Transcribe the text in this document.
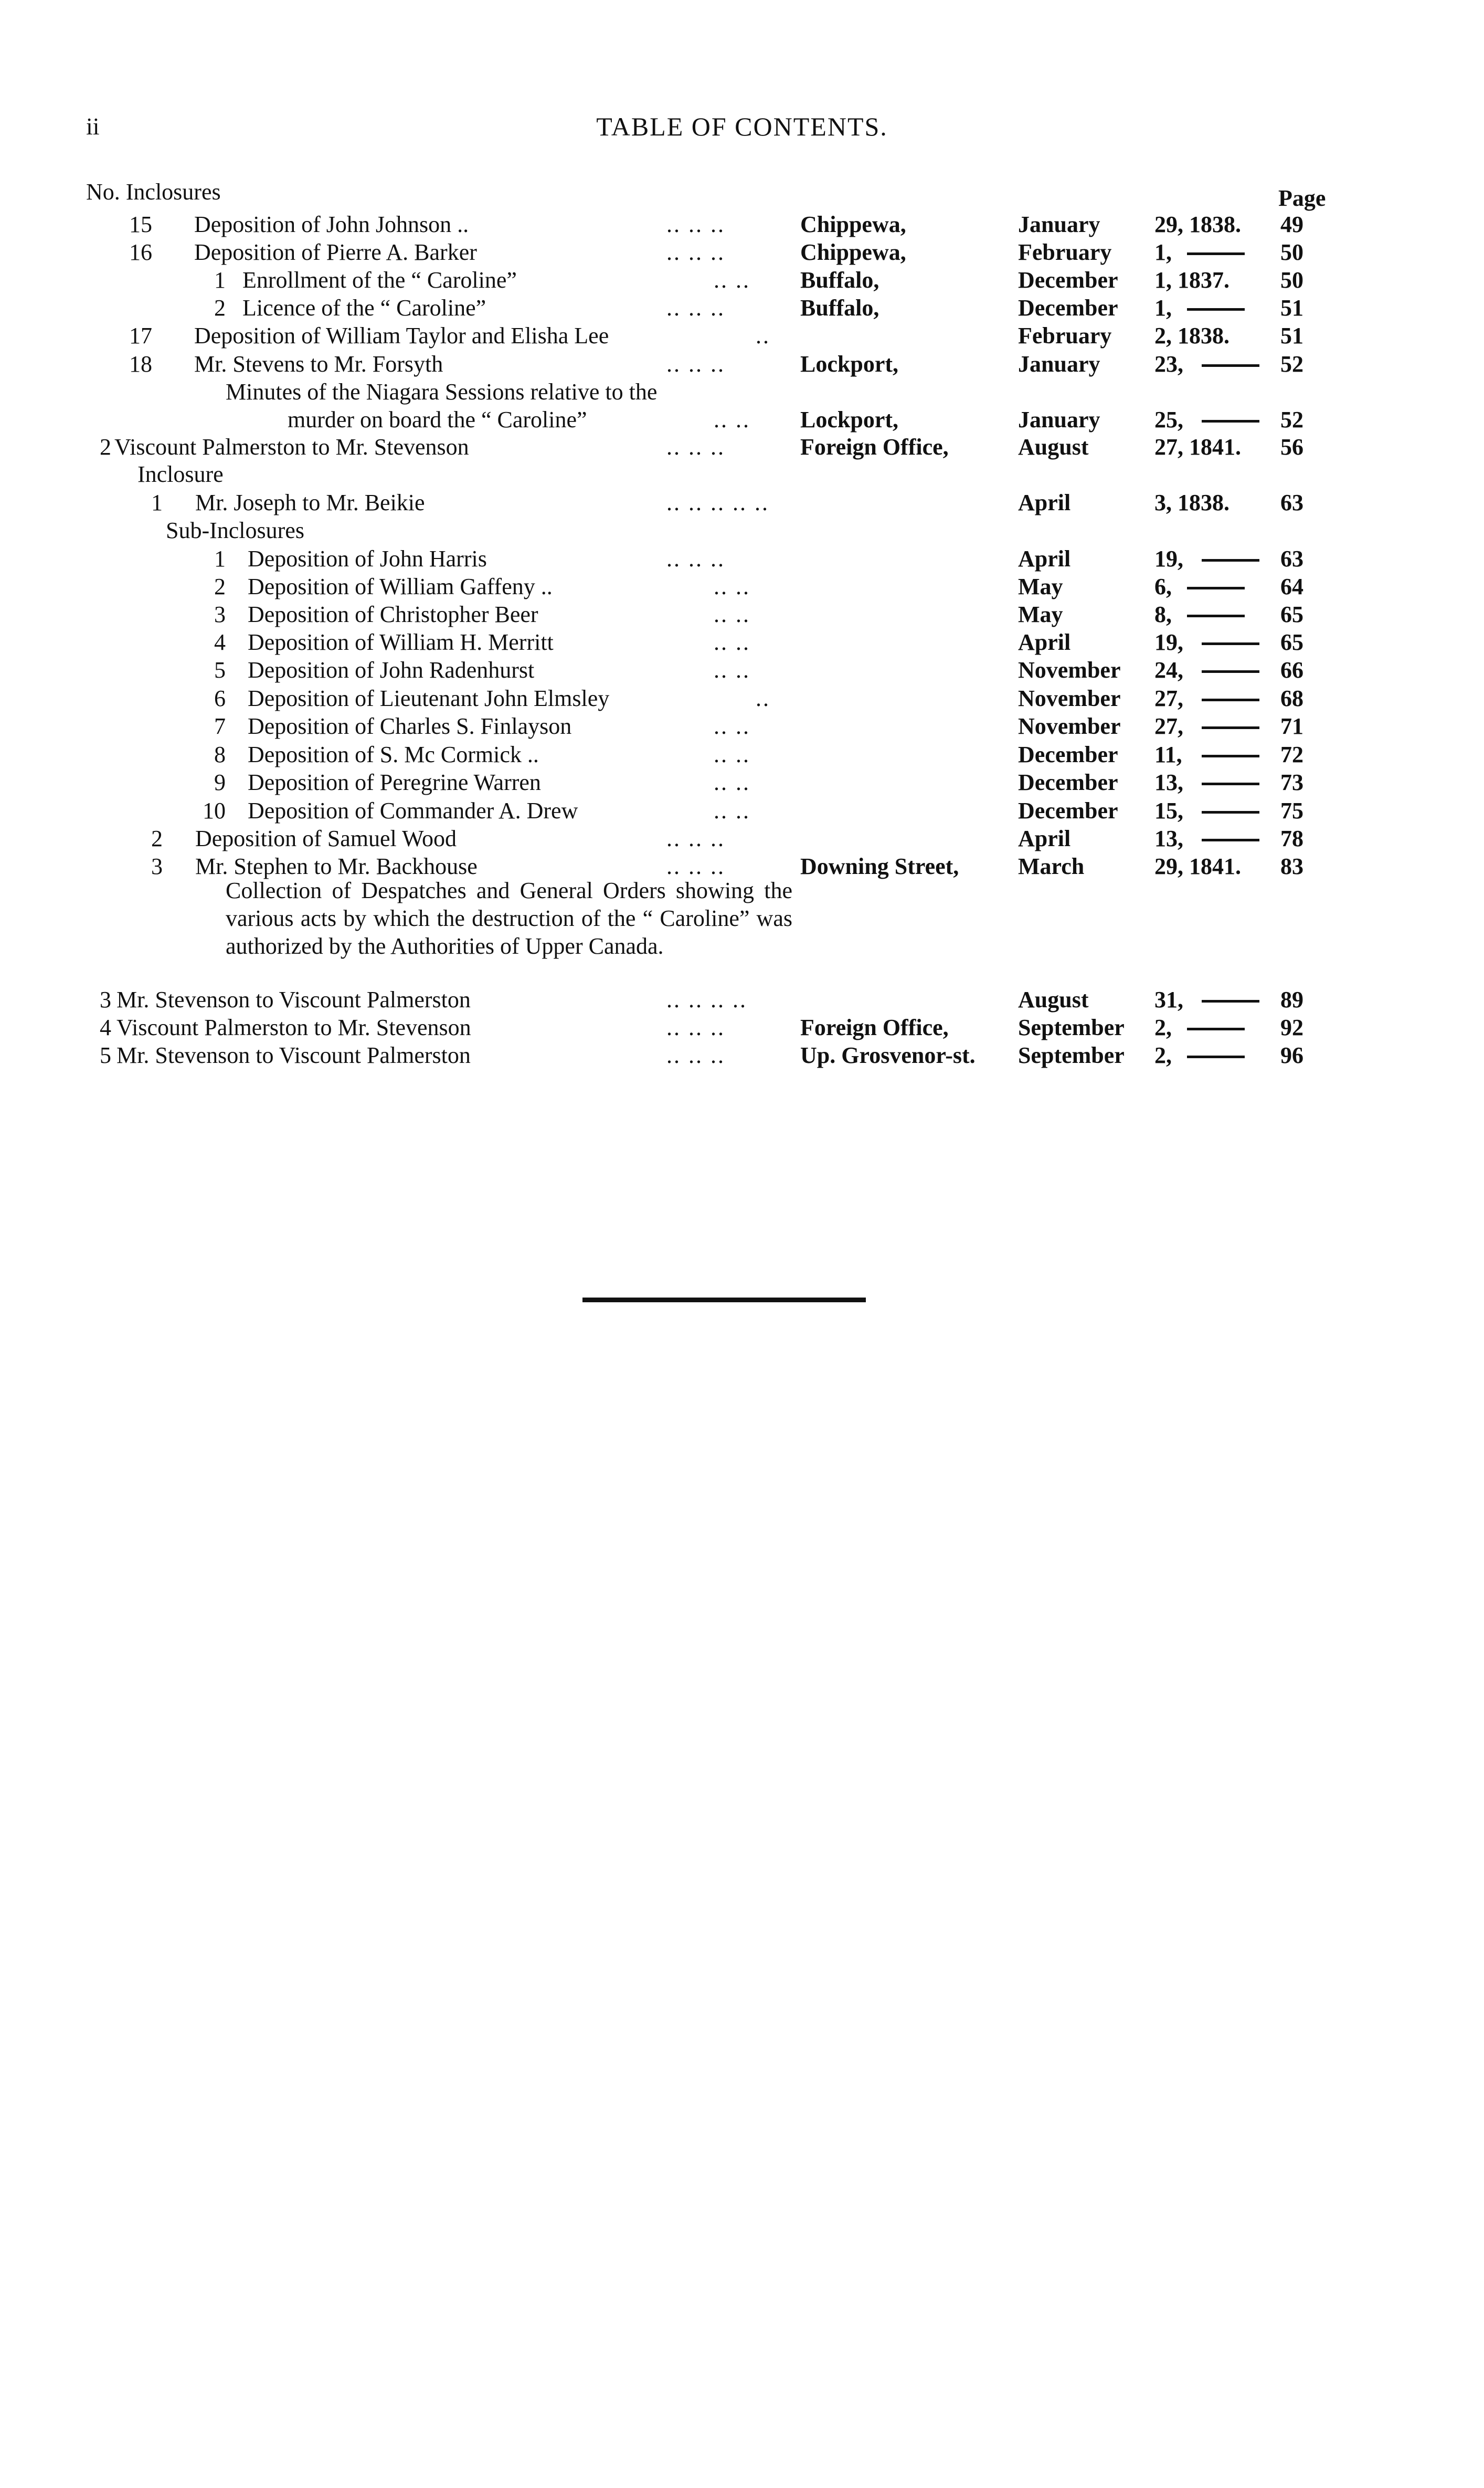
ii	TABLE OF CONTENTS.
No. Inclosures	Page
15 Deposition of John Johnson ..	.. .. ..	Chippewa,	January 29, 1838. 49
16 Deposition of Pierre A. Barker	.. .. ..	Chippewa,	February 1,	50
1 Enrollment of the “ Caroline”	.. .. Buffalo,	December 1, 1837. 50
2 Licence of the “ Caroline”	.. .. ..	Buffalo,	December 1,	51
17 Deposition of William Taylor and Elisha Lee	..	February 2, 1838. 51
18 Mr. Stevens to Mr. Forsyth	.. .. ..	Lockport,	January 23,	52
Minutes of the Niagara Sessions relative to the
murder on board the “ Caroline”	.. .. Lockport,	January 25,	52
2 Viscount Palmerston to Mr. Stevenson	.. .. ..	Foreign Office,	August	27, 1841. 56
Inclosure
1 Mr. Joseph to Mr. Beikie	.. .. .. .. ..	April	3, 1838. 63
Sub-Inclosures
1 Deposition of John Harris	.. .. ..	April	19,	63
2 Deposition of William Gaffeny ..	.. ..	May	6,	64
3 Deposition of Christopher Beer	.. ..	May	8,	65
4 Deposition of William H. Merritt	.. ..	April	19,	65
5 Deposition of John Radenhurst	.. ..	November 24,	66
6 Deposition of Lieutenant John Elmsley	..	November 27,	68
7 Deposition of Charles S. Finlayson	.. ..	November 27,	71
8 Deposition of S. Mc Cormick ..	.. ..	December 11,	72
9 Deposition of Peregrine Warren	.. ..	December 13,	73
10 Deposition of Commander A. Drew	.. ..	December 15,	75
2 Deposition of Samuel Wood	.. .. ..	April	13,	78
3 Mr. Stephen to Mr. Backhouse	.. .. ..	Downing Street,	March	29, 1841. 83
Collection of Despatches and General Orders showing the various acts by which the destruction of the “ Caroline” was authorized by the Authorities of Upper Canada.
3 Mr. Stevenson to Viscount Palmerston	.. .. .. ..	August	31,	89
4 Viscount Palmerston to Mr. Stevenson	.. .. ..	Foreign Office,	September 2,	92
5 Mr. Stevenson to Viscount Palmerston	.. .. ..	Up. Grosvenor-st. September 2,	96
